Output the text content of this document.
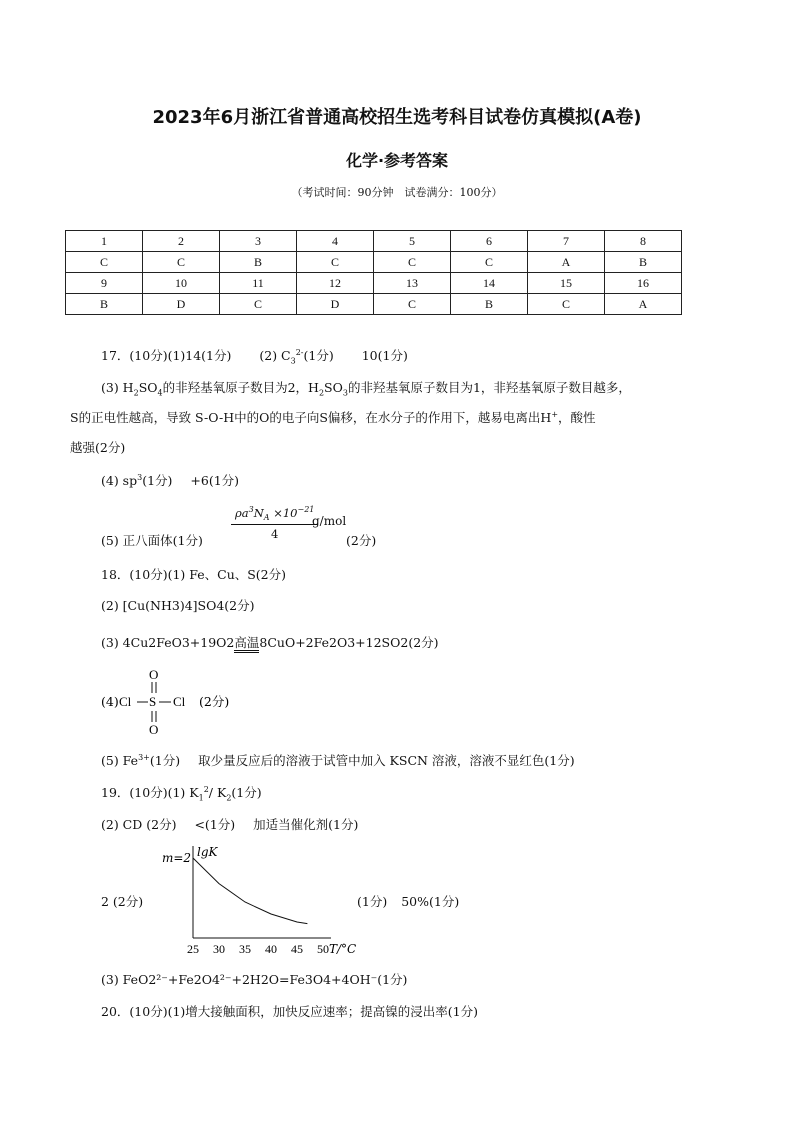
2023年6月浙江省普通高校招生选考科目试卷仿真模拟(A卷)
化学·参考答案
（考试时间：90分钟　试卷满分：100分）
1	2	3	4	5	6	7	8
C	C	B	C	C	C	A	B
9	10	11	12	13	14	15	16
B	D	C	D	C	B	C	A
17．(10分)(1)14(1分) (2) $C_3^{2-}(1$分) 10(1分)
(3) $H_2SO_4$的非羟基氧原子数目为2，$H_2SO_3$的非羟基氧原子数目为1，非羟基氧原子数目越多，
S的正电性越高，导致 S-O-H中的O的电子向S偏移，在水分子的作用下，越易电离出H+，酸性
越强(2分)
(4) $sp^3(1$分) +6(1分)
(5) 正八面体(1分) $\frac{\rho a^3N_A \times 10^{-21}}{4}$
g/mol
(2分)
18．(10分)(1) Fe、Cu、S(2分)
(2) [Cu(NH3)4]SO4(2分)
(3) 4Cu2FeO3+19O2高温8CuO+2Fe2O3+12SO2(2分)
(4) Cl S Cl
O
O
(2分)
(5) $Fe^{3+}(1$分) 取少量反应后的溶液于试管中加入 KSCN 溶液，溶液不显红色(1分)
19．(10分)(1) $K_1^2/$ $K_2(1$分)
(2) CD (2分) <(1分) 加适当催化剂(1分)
2 (2分)
lgK
m=2
25 30 35 40 45 50 T/°C
(1分) 50%(1分)
(3) FeO2²⁻+Fe2O4²⁻+2H2O=Fe3O4+4OH⁻(1分)
20．(10分)(1)增大接触面积，加快反应速率；提高镍的浸出率(1分)
